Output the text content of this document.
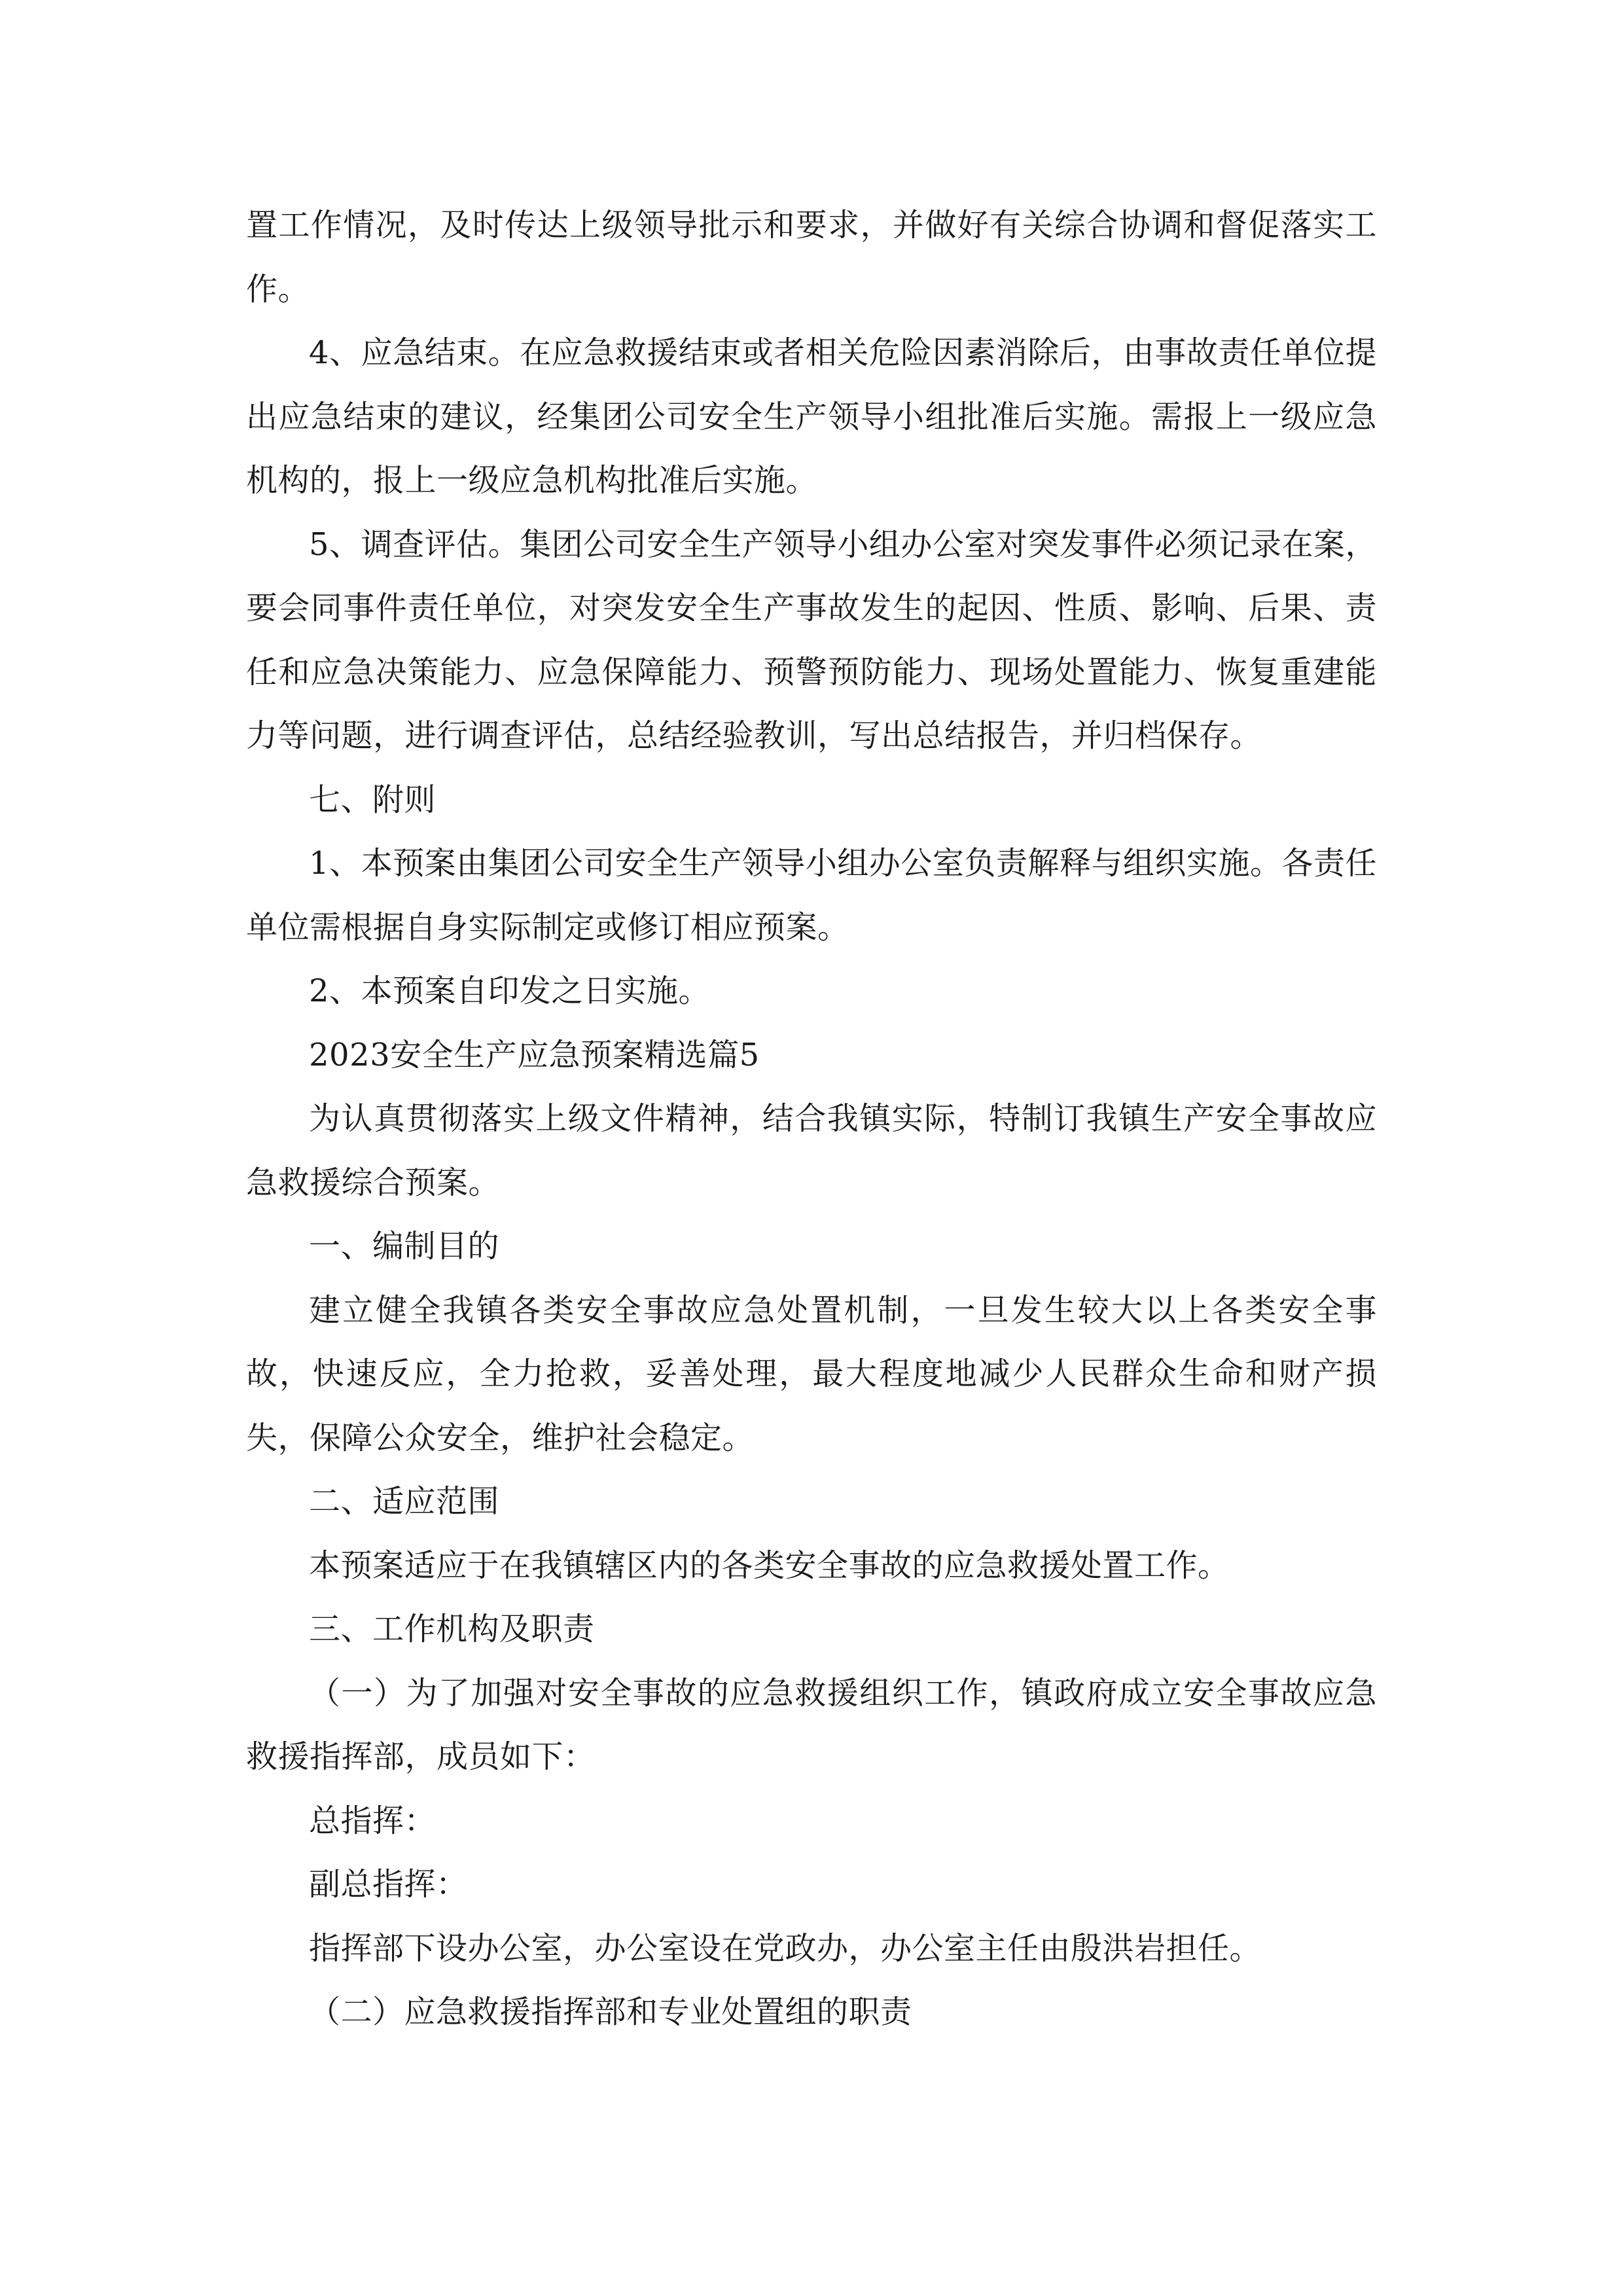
置工作情况，及时传达上级领导批示和要求，并做好有关综合协调和督促落实工作。

4、应急结束。在应急救援结束或者相关危险因素消除后，由事故责任单位提出应急结束的建议，经集团公司安全生产领导小组批准后实施。需报上一级应急机构的，报上一级应急机构批准后实施。

5、调查评估。集团公司安全生产领导小组办公室对突发事件必须记录在案，要会同事件责任单位，对突发安全生产事故发生的起因、性质、影响、后果、责任和应急决策能力、应急保障能力、预警预防能力、现场处置能力、恢复重建能力等问题，进行调查评估，总结经验教训，写出总结报告，并归档保存。

七、附则

1、本预案由集团公司安全生产领导小组办公室负责解释与组织实施。各责任单位需根据自身实际制定或修订相应预案。

2、本预案自印发之日实施。

2023安全生产应急预案精选篇5

为认真贯彻落实上级文件精神，结合我镇实际，特制订我镇生产安全事故应急救援综合预案。

一、编制目的

建立健全我镇各类安全事故应急处置机制，一旦发生较大以上各类安全事故，快速反应，全力抢救，妥善处理，最大程度地减少人民群众生命和财产损失，保障公众安全，维护社会稳定。

二、适应范围

本预案适应于在我镇辖区内的各类安全事故的应急救援处置工作。

三、工作机构及职责

（一）为了加强对安全事故的应急救援组织工作，镇政府成立安全事故应急救援指挥部，成员如下：

总指挥：

副总指挥：

指挥部下设办公室，办公室设在党政办，办公室主任由殷洪岩担任。

（二）应急救援指挥部和专业处置组的职责
